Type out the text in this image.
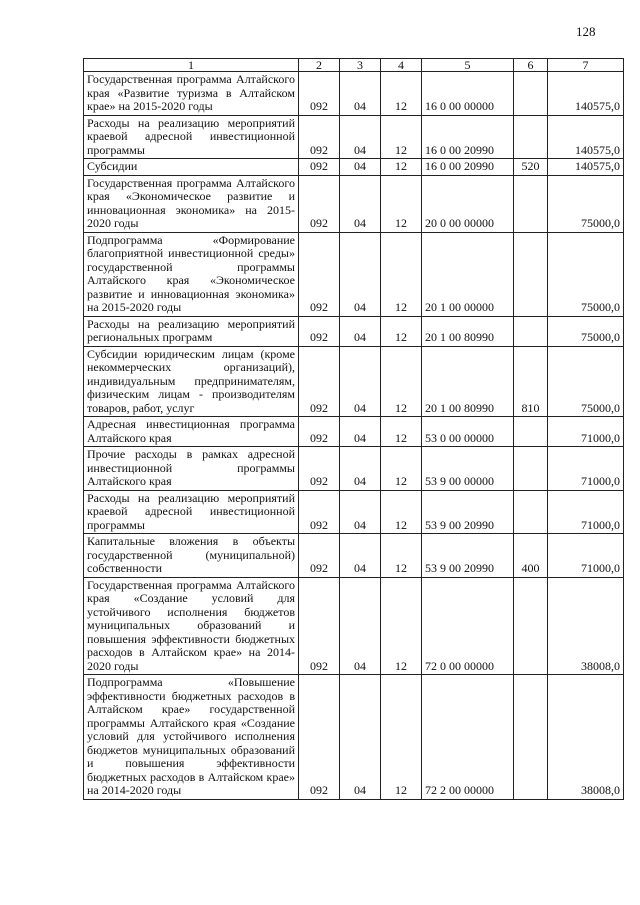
128
1	2	3	4	5	6	7
Государственная программа Алтайского края «Развитие туризма в Алтайском крае» на 2015-2020 годы	092	04	12	16 0 00 00000		140575,0
Расходы на реализацию мероприятий краевой адресной инвестиционной программы	092	04	12	16 0 00 20990		140575,0
Субсидии	092	04	12	16 0 00 20990	520	140575,0
Государственная программа Алтайского края «Экономическое развитие и инновационная экономика» на 2015-2020 годы	092	04	12	20 0 00 00000		75000,0
Подпрограмма «Формирование благоприятной инвестиционной среды» государственной программы Алтайского края «Экономическое развитие и инновационная экономика» на 2015-2020 годы	092	04	12	20 1 00 00000		75000,0
Расходы на реализацию мероприятий региональных программ	092	04	12	20 1 00 80990		75000,0
Субсидии юридическим лицам (кроме некоммерческих организаций), индивидуальным предпринимателям, физическим лицам - производителям товаров, работ, услуг	092	04	12	20 1 00 80990	810	75000,0
Адресная инвестиционная программа Алтайского края	092	04	12	53 0 00 00000		71000,0
Прочие расходы в рамках адресной инвестиционной программы Алтайского края	092	04	12	53 9 00 00000		71000,0
Расходы на реализацию мероприятий краевой адресной инвестиционной программы	092	04	12	53 9 00 20990		71000,0
Капитальные вложения в объекты государственной (муниципальной) собственности	092	04	12	53 9 00 20990	400	71000,0
Государственная программа Алтайского края «Создание условий для устойчивого исполнения бюджетов муниципальных образований и повышения эффективности бюджетных расходов в Алтайском крае» на 2014-2020 годы	092	04	12	72 0 00 00000		38008,0
Подпрограмма «Повышение эффективности бюджетных расходов в Алтайском крае» государственной программы Алтайского края «Создание условий для устойчивого исполнения бюджетов муниципальных образований и повышения эффективности бюджетных расходов в Алтайском крае» на 2014-2020 годы	092	04	12	72 2 00 00000		38008,0
